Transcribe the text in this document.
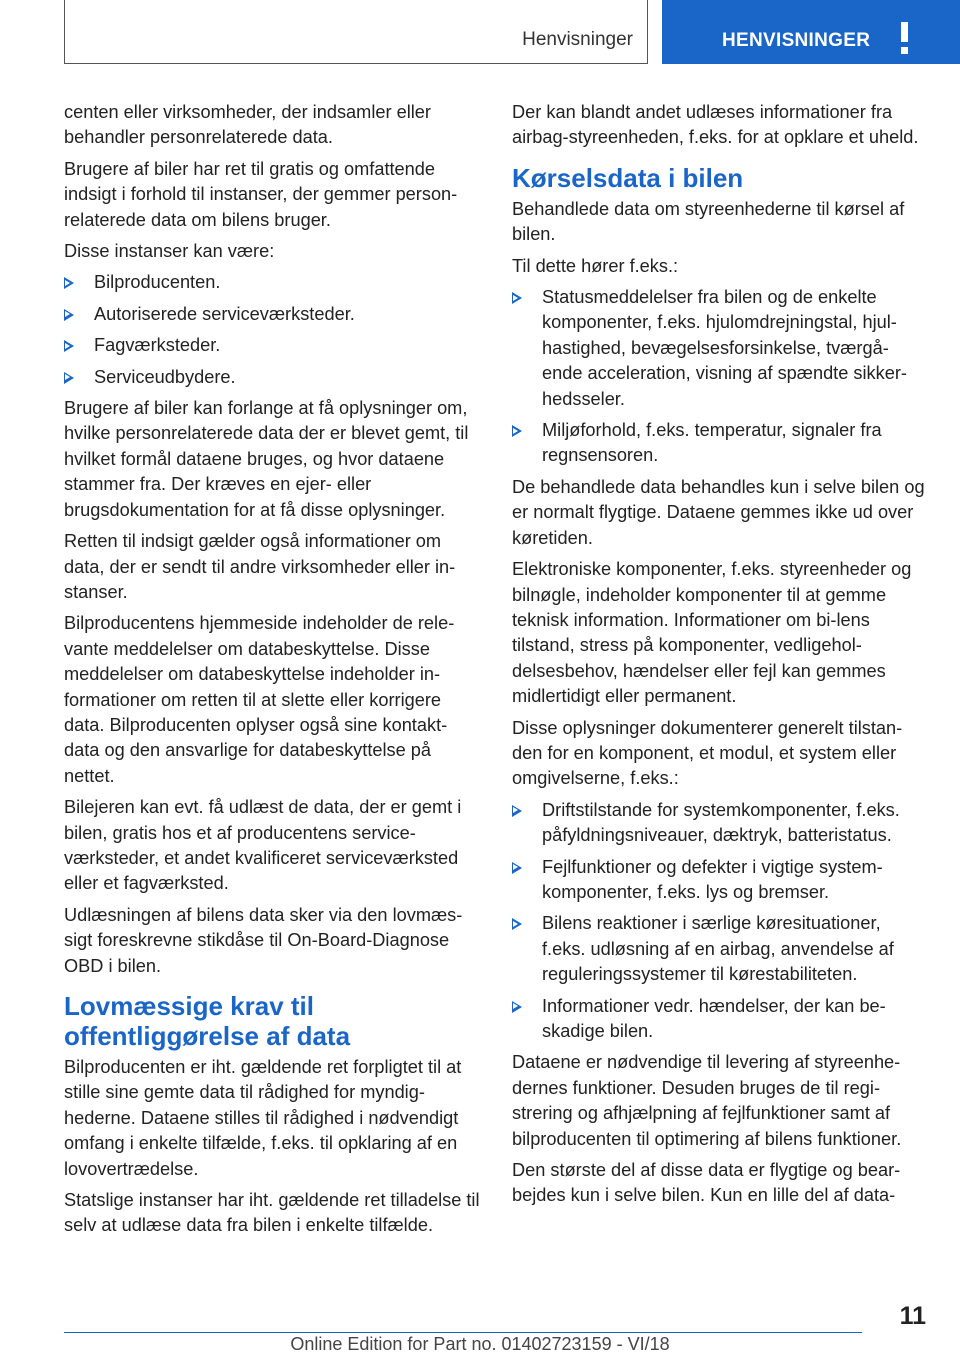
Henvisninger	HENVISNINGER

centen eller virksomheder, der indsamler eller behandler personrelaterede data.

Brugere af biler har ret til gratis og omfattende indsigt i forhold til instanser, der gemmer person-relaterede data om bilens bruger.

Disse instanser kan være:

Bilproducenten.
Autoriserede serviceværksteder.
Fagværksteder.
Serviceudbydere.

Brugere af biler kan forlange at få oplysninger om, hvilke personrelaterede data der er blevet gemt, til hvilket formål dataene bruges, og hvor dataene stammer fra. Der kræves en ejer- eller brugsdokumentation for at få disse oplysninger.

Retten til indsigt gælder også informationer om data, der er sendt til andre virksomheder eller in-stanser.

Bilproducentens hjemmeside indeholder de rele-vante meddelelser om databeskyttelse. Disse meddelelser om databeskyttelse indeholder in-formationer om retten til at slette eller korrigere data. Bilproducenten oplyser også sine kontakt-data og den ansvarlige for databeskyttelse på nettet.

Bilejeren kan evt. få udlæst de data, der er gemt i bilen, gratis hos et af producentens service-værksteder, et andet kvalificeret serviceværksted eller et fagværksted.

Udlæsningen af bilens data sker via den lovmæs-sigt foreskrevne stikdåse til On-Board-Diagnose OBD i bilen.

Lovmæssige krav til offentliggørelse af data

Bilproducenten er iht. gældende ret forpligtet til at stille sine gemte data til rådighed for myndig-hederne. Dataene stilles til rådighed i nødvendigt omfang i enkelte tilfælde, f.eks. til opklaring af en lovovertrædelse.

Statslige instanser har iht. gældende ret tilladelse til selv at udlæse data fra bilen i enkelte tilfælde.

Der kan blandt andet udlæses informationer fra airbag-styreenheden, f.eks. for at opklare et uheld.

Kørselsdata i bilen

Behandlede data om styreenhederne til kørsel af bilen.

Til dette hører f.eks.:

Statusmeddelelser fra bilen og de enkelte komponenter, f.eks. hjulomdrejningstal, hjul-hastighed, bevægelsesforsinkelse, tværgå-ende acceleration, visning af spændte sikker-hedsseler.
Miljøforhold, f.eks. temperatur, signaler fra regnsensoren.

De behandlede data behandles kun i selve bilen og er normalt flygtige. Dataene gemmes ikke ud over køretiden.

Elektroniske komponenter, f.eks. styreenheder og bilnøgle, indeholder komponenter til at gemme teknisk information. Informationer om bi-lens tilstand, stress på komponenter, vedligehol-delsesbehov, hændelser eller fejl kan gemmes midlertidigt eller permanent.

Disse oplysninger dokumenterer generelt tilstan-den for en komponent, et modul, et system eller omgivelserne, f.eks.:

Driftstilstande for systemkomponenter, f.eks. påfyldningsniveauer, dæktryk, batteristatus.
Fejlfunktioner og defekter i vigtige system-komponenter, f.eks. lys og bremser.
Bilens reaktioner i særlige køresituationer, f.eks. udløsning af en airbag, anvendelse af reguleringssystemer til kørestabiliteten.
Informationer vedr. hændelser, der kan be-skadige bilen.

Dataene er nødvendige til levering af styreenhe-dernes funktioner. Desuden bruges de til regi-strering og afhjælpning af fejlfunktioner samt af bilproducenten til optimering af bilens funktioner.

Den største del af disse data er flygtige og bear-bejdes kun i selve bilen. Kun en lille del af data-

11
Online Edition for Part no. 01402723159 - VI/18
